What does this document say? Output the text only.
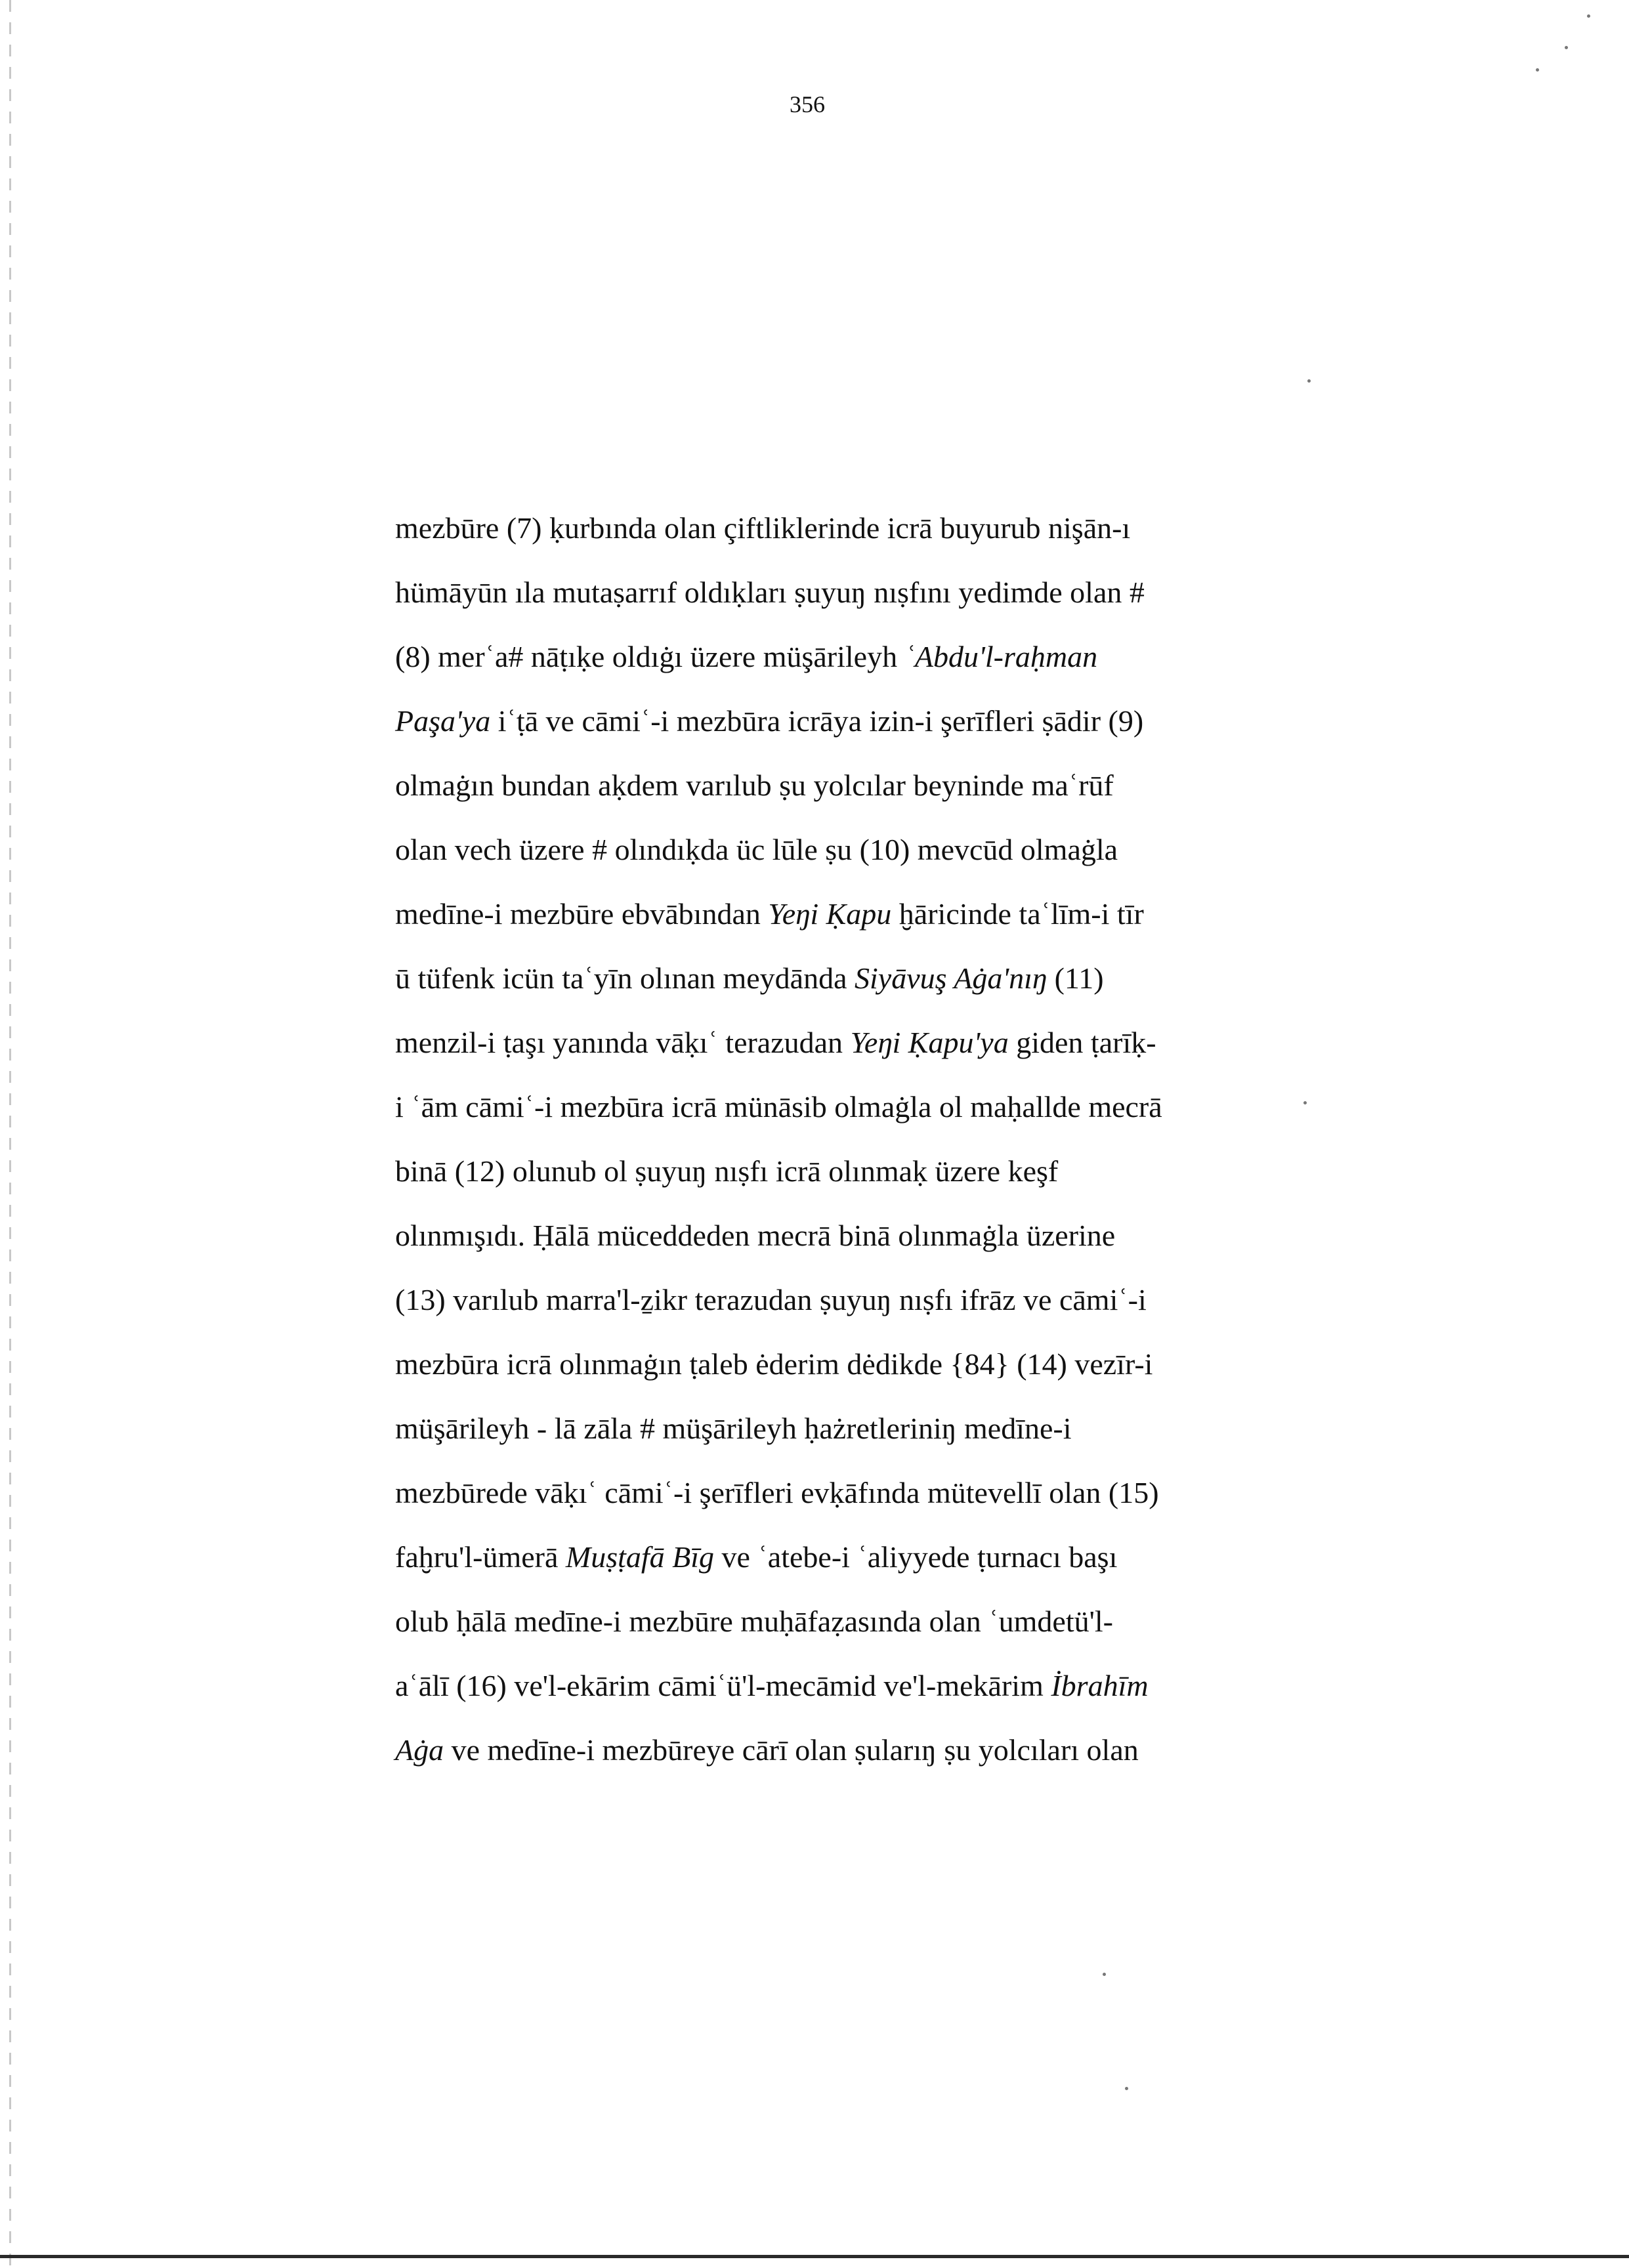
356
mezbūre (7) ḳurbında olan çiftliklerinde icrā buyurub nişān-ı
hümāyūn ıla mutaṣarrıf oldıḳları ṣuyuŋ nıṣfını yedimde olan #
(8) merʿa# nāṭıḳe oldıġı üzere müşārileyh ʿAbdu'l-raḥman
Paşa'ya iʿṭā ve cāmiʿ-i mezbūra icrāya izin-i şerīfleri ṣādir (9)
olmaġın bundan aḳdem varılub ṣu yolcılar beyninde maʿrūf
olan vech üzere # olındıḳda üc lūle ṣu (10) mevcūd olmaġla
medīne-i mezbūre ebvābından Yeŋi Ḳapu ḫāricinde taʿlīm-i tīr
ū tüfenk icün taʿyīn olınan meydānda Siyāvuş Aġa'nıŋ (11)
menzil-i ṭaşı yanında vāḳıʿ terazudan Yeŋi Ḳapu'ya giden ṭarīḳ-
i ʿām cāmiʿ-i mezbūra icrā münāsib olmaġla ol maḥallde mecrā
binā (12) olunub ol ṣuyuŋ nıṣfı icrā olınmaḳ üzere keşf
olınmışıdı. Ḥālā müceddeden mecrā binā olınmaġla üzerine
(13) varılub marra'l-ẕikr terazudan ṣuyuŋ nıṣfı ifrāz ve cāmiʿ-i
mezbūra icrā olınmaġın ṭaleb ėderim dėdikde {84} (14) vezīr-i
müşārileyh - lā zāla # müşārileyh ḥażretleriniŋ medīne-i
mezbūrede vāḳıʿ cāmiʿ-i şerīfleri evḳāfında mütevellī olan (15)
faḫru'l-ümerā Muṣṭafā Bīg ve ʿatebe-i ʿaliyyede ṭurnacı başı
olub ḥālā medīne-i mezbūre muḥāfaẓasında olan ʿumdetü'l-
aʿālī (16) ve'l-ekārim cāmiʿü'l-mecāmid ve'l-mekārim İbrahīm
Aġa ve medīne-i mezbūreye cārī olan ṣularıŋ ṣu yolcıları olan
